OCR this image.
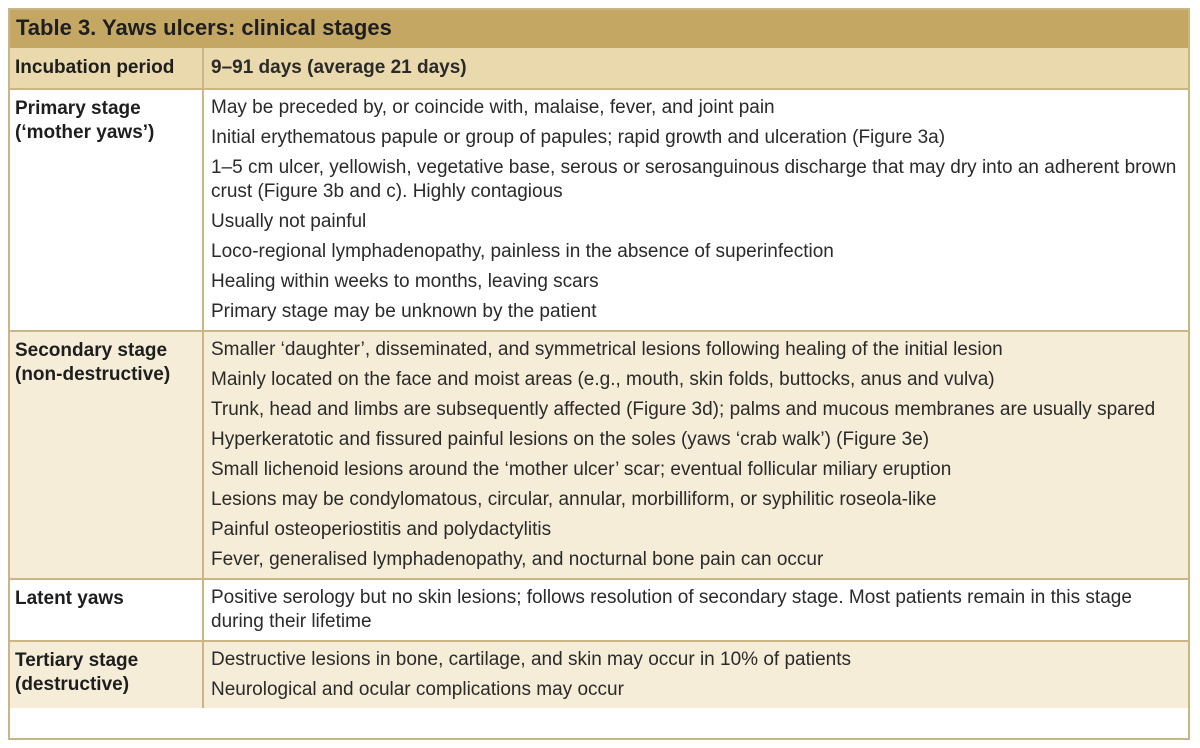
Table 3. Yaws ulcers: clinical stages
Incubation period	9–91 days (average 21 days)
Primary stage
(‘mother yaws’)
May be preceded by, or coincide with, malaise, fever, and joint pain
Initial erythematous papule or group of papules; rapid growth and ulceration (Figure 3a)
1–5 cm ulcer, yellowish, vegetative base, serous or serosanguinous discharge that may dry into an adherent brown crust (Figure 3b and c). Highly contagious
Usually not painful
Loco-regional lymphadenopathy, painless in the absence of superinfection
Healing within weeks to months, leaving scars
Primary stage may be unknown by the patient
Secondary stage
(non-destructive)
Smaller ‘daughter’, disseminated, and symmetrical lesions following healing of the initial lesion
Mainly located on the face and moist areas (e.g., mouth, skin folds, buttocks, anus and vulva)
Trunk, head and limbs are subsequently affected (Figure 3d); palms and mucous membranes are usually spared
Hyperkeratotic and fissured painful lesions on the soles (yaws ‘crab walk’) (Figure 3e)
Small lichenoid lesions around the ‘mother ulcer’ scar; eventual follicular miliary eruption
Lesions may be condylomatous, circular, annular, morbilliform, or syphilitic roseola-like
Painful osteoperiostitis and polydactylitis
Fever, generalised lymphadenopathy, and nocturnal bone pain can occur
Latent yaws	Positive serology but no skin lesions; follows resolution of secondary stage. Most patients remain in this stage during their lifetime
Tertiary stage
(destructive)
Destructive lesions in bone, cartilage, and skin may occur in 10% of patients
Neurological and ocular complications may occur
